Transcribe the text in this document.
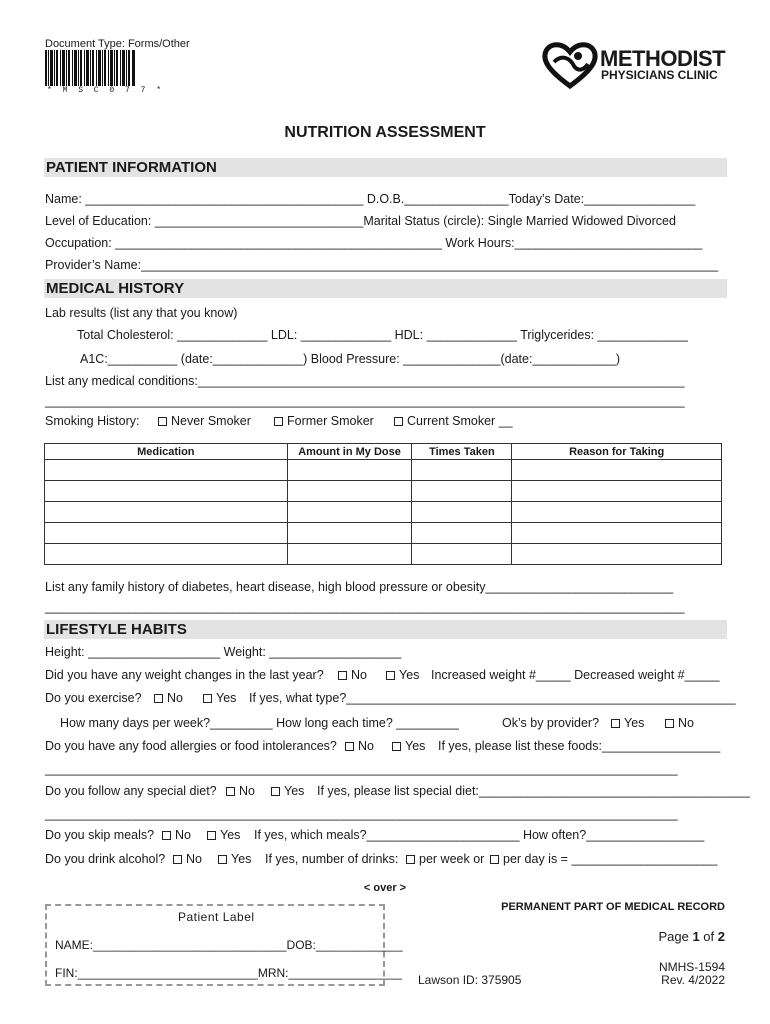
Document Type: Forms/Other
* M S C 0 7 7 *
METHODIST
PHYSICIANS CLINIC
NUTRITION ASSESSMENT
PATIENT INFORMATION
Name: ________________________________________ D.O.B._______________Today’s Date:________________
Level of Education: ______________________________Marital Status (circle): Single Married Widowed Divorced
Occupation: _______________________________________________ Work Hours:___________________________
Provider’s Name:___________________________________________________________________________________
MEDICAL HISTORY
Lab results (list any that you know)
Total Cholesterol: _____________ LDL: _____________ HDL: _____________ Triglycerides: _____________
A1C:__________ (date:_____________) Blood Pressure: ______________(date:____________)
List any medical conditions:______________________________________________________________________
____________________________________________________________________________________________
Smoking History:	Never Smoker	Former Smoker	Current Smoker __
Medication	Amount in My Dose	Times Taken	Reason for Taking

List any family history of diabetes, heart disease, high blood pressure or obesity___________________________
____________________________________________________________________________________________
LIFESTYLE HABITS
Height: ___________________ Weight: ___________________
Did you have any weight changes in the last year?	No	Yes Increased weight #_____ Decreased weight #_____
Do you exercise?	No	Yes If yes, what type?________________________________________________________
How many days per week?_________ How long each time? _________	Ok’s by provider?	Yes	No
Do you have any food allergies or food intolerances?	No	Yes If yes, please list these foods:_________________
___________________________________________________________________________________________
Do you follow any special diet?	No	Yes If yes, please list special diet:_______________________________________
___________________________________________________________________________________________
Do you skip meals?	No	Yes If yes, which meals?______________________ How often?_________________
Do you drink alcohol?	No	Yes If yes, number of drinks:	per week or	per day is = _____________________
< over >
PERMANENT PART OF MEDICAL RECORD
Page 1 of 2
NMHS-1594
Rev. 4/2022
Lawson ID: 375905
Patient Label
NAME:_____________________________DOB:_____________
FIN:___________________________MRN:_________________
